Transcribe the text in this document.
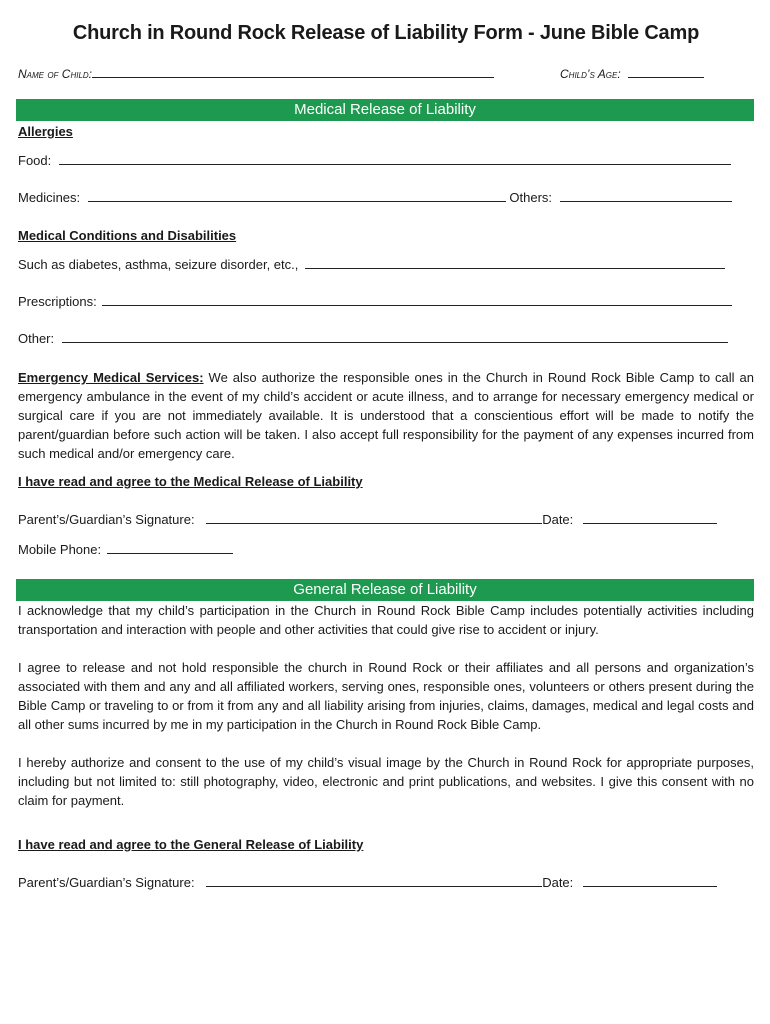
Church in Round Rock Release of Liability Form - June Bible Camp
Name of Child:	Child’s Age:
Medical Release of Liability
Allergies
Food:
Medicines:	Others:
Medical Conditions and Disabilities
Such as diabetes, asthma, seizure disorder, etc.,
Prescriptions:
Other:
Emergency Medical Services: We also authorize the responsible ones in the Church in Round Rock Bible Camp to call an emergency ambulance in the event of my child’s accident or acute illness, and to arrange for necessary emergency medical or surgical care if you are not immediately available. It is understood that a conscientious effort will be made to notify the parent/guardian before such action will be taken. I also accept full responsibility for the payment of any expenses incurred from such medical and/or emergency care.
I have read and agree to the Medical Release of Liability
Parent’s/Guardian’s Signature:	Date:
Mobile Phone:
General Release of Liability
I acknowledge that my child’s participation in the Church in Round Rock Bible Camp includes potentially activities including transportation and interaction with people and other activities that could give rise to accident or injury.
I agree to release and not hold responsible the church in Round Rock or their affiliates and all persons and organization’s associated with them and any and all affiliated workers, serving ones, responsible ones, volunteers or others present during the Bible Camp or traveling to or from it from any and all liability arising from injuries, claims, damages, medical and legal costs and all other sums incurred by me in my participation in the Church in Round Rock Bible Camp.
I hereby authorize and consent to the use of my child’s visual image by the Church in Round Rock for appropriate purposes, including but not limited to: still photography, video, electronic and print publications, and websites. I give this consent with no claim for payment.
I have read and agree to the General Release of Liability
Parent’s/Guardian’s Signature:	Date:
